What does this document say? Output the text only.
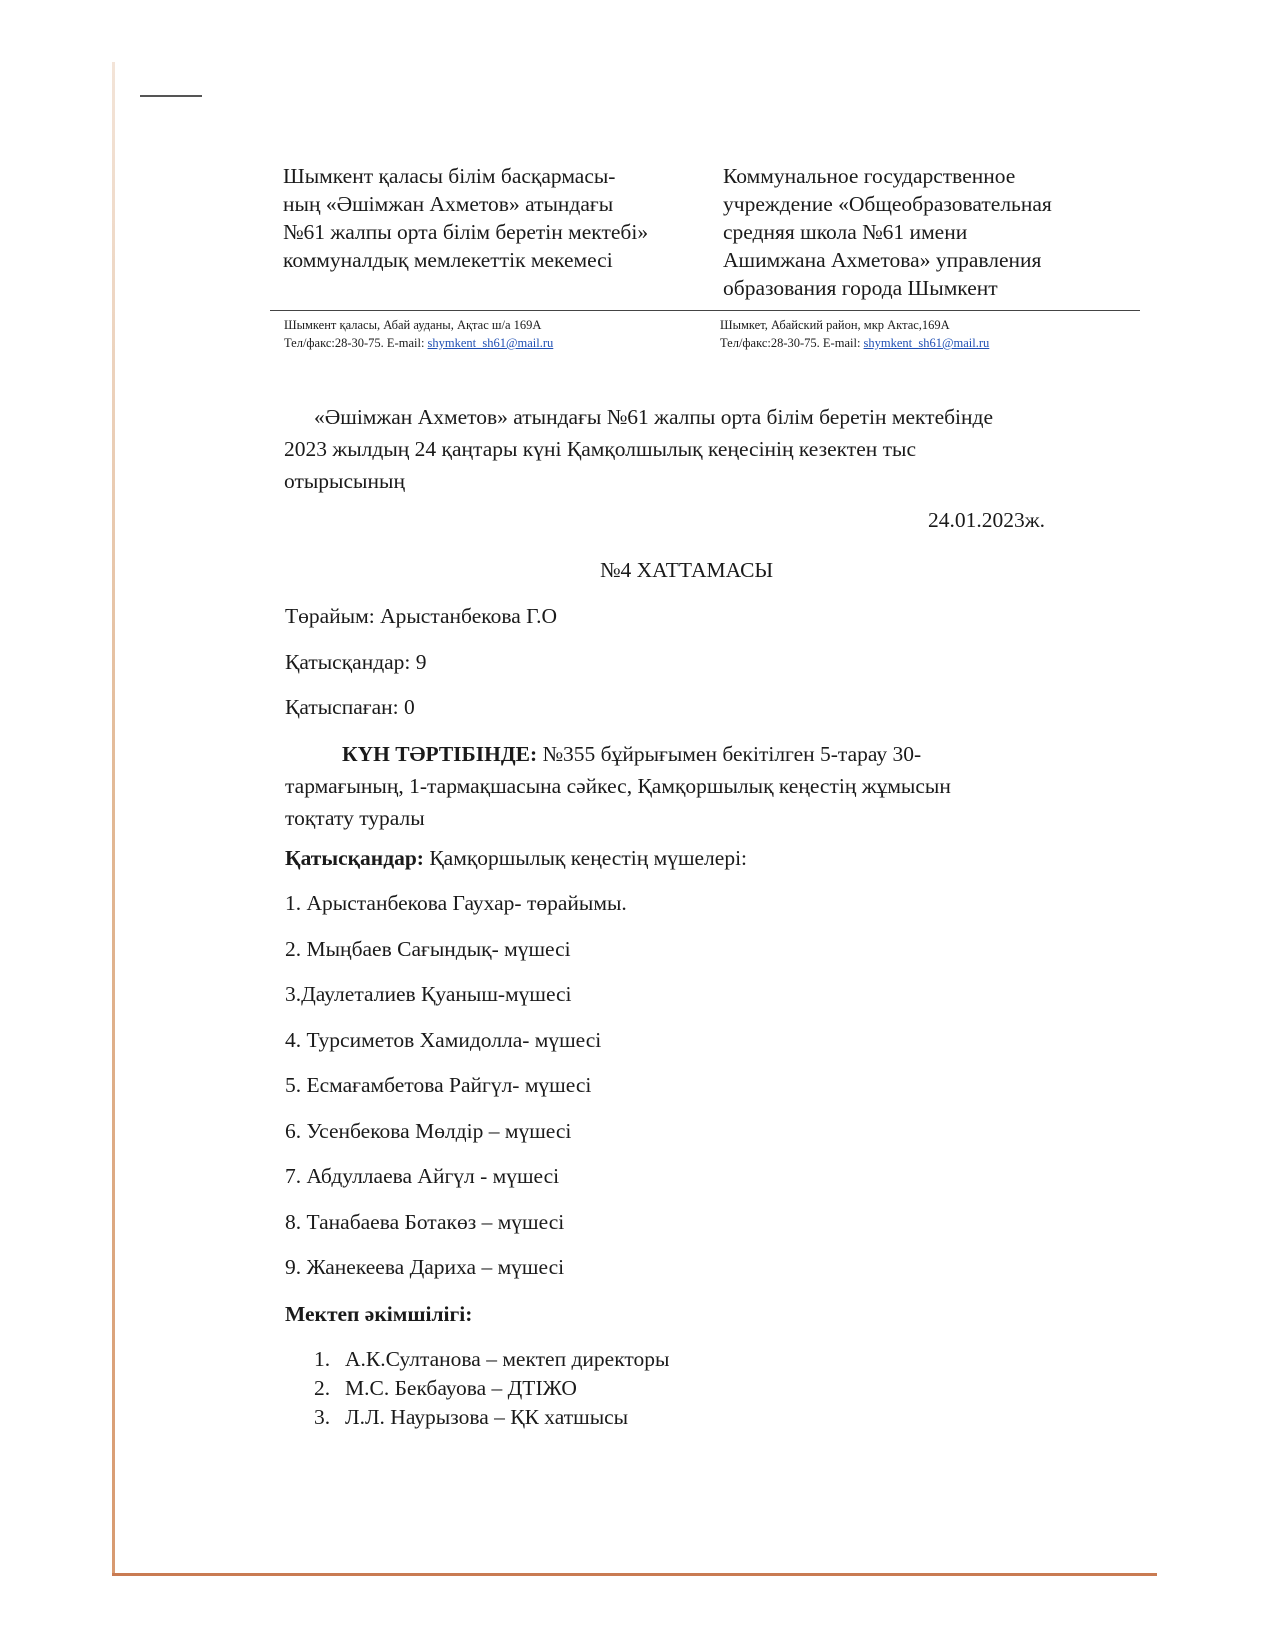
Шымкент қаласы білім басқармасы-
ның «Әшімжан Ахметов» атындағы
№61 жалпы орта білім беретін мектебі»
коммуналдық мемлекеттік мекемесі
Коммунальное государственное
учреждение «Общеобразовательная
средняя школа №61 имени
Ашимжана Ахметова» управления
образования города Шымкент
Шымкент қаласы, Абай ауданы, Ақтас ш/а 169А
Тел/факс:28-30-75. E-mail: shymkent_sh61@mail.ru
Шымкет, Абайский район, мкр Актас,169А
Тел/факс:28-30-75. E-mail: shymkent_sh61@mail.ru
«Әшімжан Ахметов» атындағы №61 жалпы орта білім беретін мектебінде
2023 жылдың 24 қаңтары күні Қамқолшылық кеңесінің кезектен тыс
отырысының
24.01.2023ж.
№4 ХАТТАМАСЫ
Төрайым: Арыстанбекова Г.О
Қатысқандар: 9
Қатыспаған: 0
КҮН ТӘРТІБІНДЕ: №355 бұйрығымен бекітілген 5-тарау 30-
тармағының, 1-тармақшасына сәйкес, Қамқоршылық кеңестің жұмысын
тоқтату туралы
Қатысқандар: Қамқоршылық кеңестің мүшелері:
1. Арыстанбекова Гаухар- төрайымы.
2. Мыңбаев Сағындық- мүшесі
3.Даулеталиев Қуаныш-мүшесі
4. Турсиметов Хамидолла- мүшесі
5. Есмағамбетова Райгүл- мүшесі
6. Усенбекова Мөлдір – мүшесі
7. Абдуллаева Айгүл - мүшесі
8. Танабаева Ботакөз – мүшесі
9. Жанекеева Дариха – мүшесі
Мектеп әкімшілігі:
1. А.К.Султанова – мектеп директоры
2. М.С. Бекбауова – ДТІЖО
3. Л.Л. Наурызова – ҚК хатшысы
